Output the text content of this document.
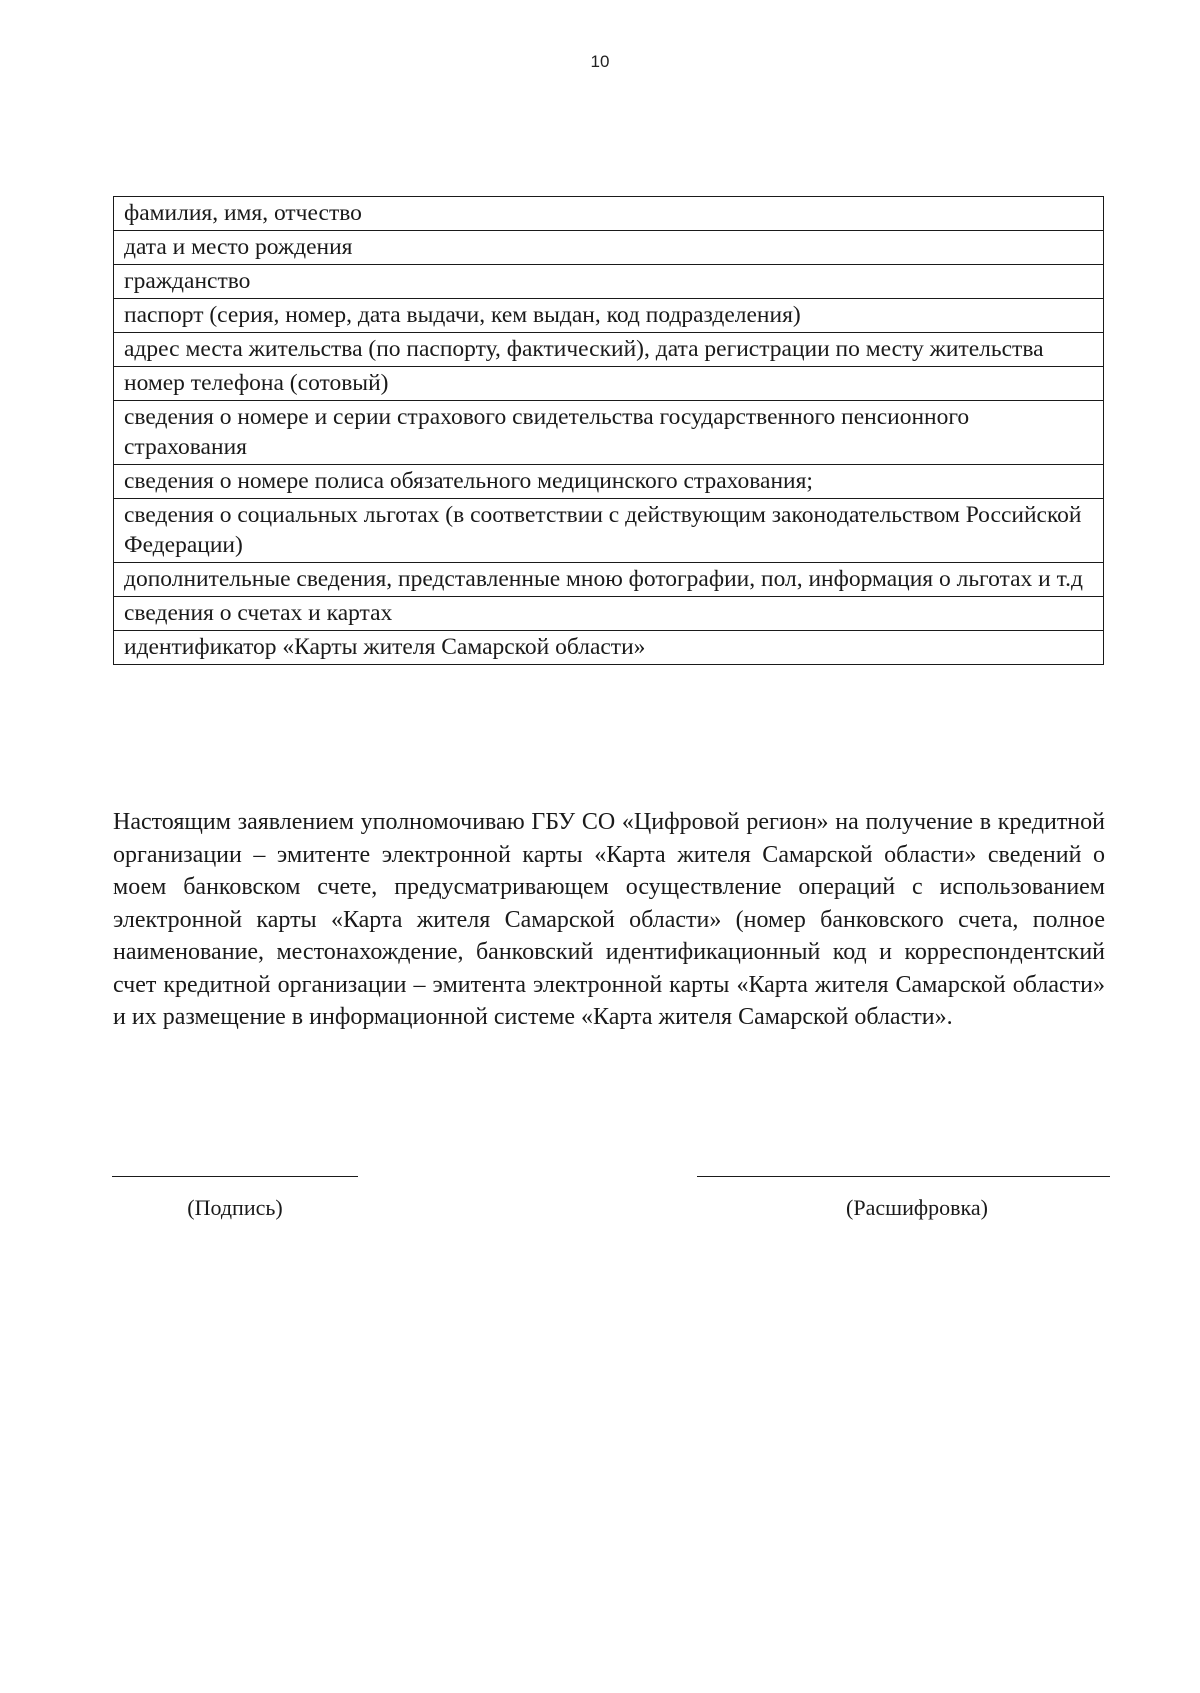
10
фамилия, имя, отчество
дата и место рождения
гражданство
паспорт (серия, номер, дата выдачи, кем выдан, код подразделения)
адрес места жительства (по паспорту, фактический), дата регистрации по месту жительства
номер телефона (сотовый)
сведения о номере и серии страхового свидетельства государственного пенсионного страхования
сведения о номере полиса обязательного медицинского страхования;
сведения о социальных льготах (в соответствии с действующим законодательством Российской Федерации)
дополнительные сведения, представленные мною фотографии, пол, информация о льготах и т.д
сведения о счетах и картах
идентификатор «Карты жителя Самарской области»

Настоящим заявлением уполномочиваю ГБУ СО «Цифровой регион» на получение в кредитной организации – эмитенте электронной карты «Карта жителя Самарской области» сведений о моем банковском счете, предусматривающем осуществление операций с использованием электронной карты «Карта жителя Самарской области» (номер банковского счета, полное наименование, местонахождение, банковский идентификационный код и корреспондентский счет кредитной организации – эмитента электронной карты «Карта жителя Самарской области» и их размещение в информационной системе «Карта жителя Самарской области».

(Подпись)	(Расшифровка)
